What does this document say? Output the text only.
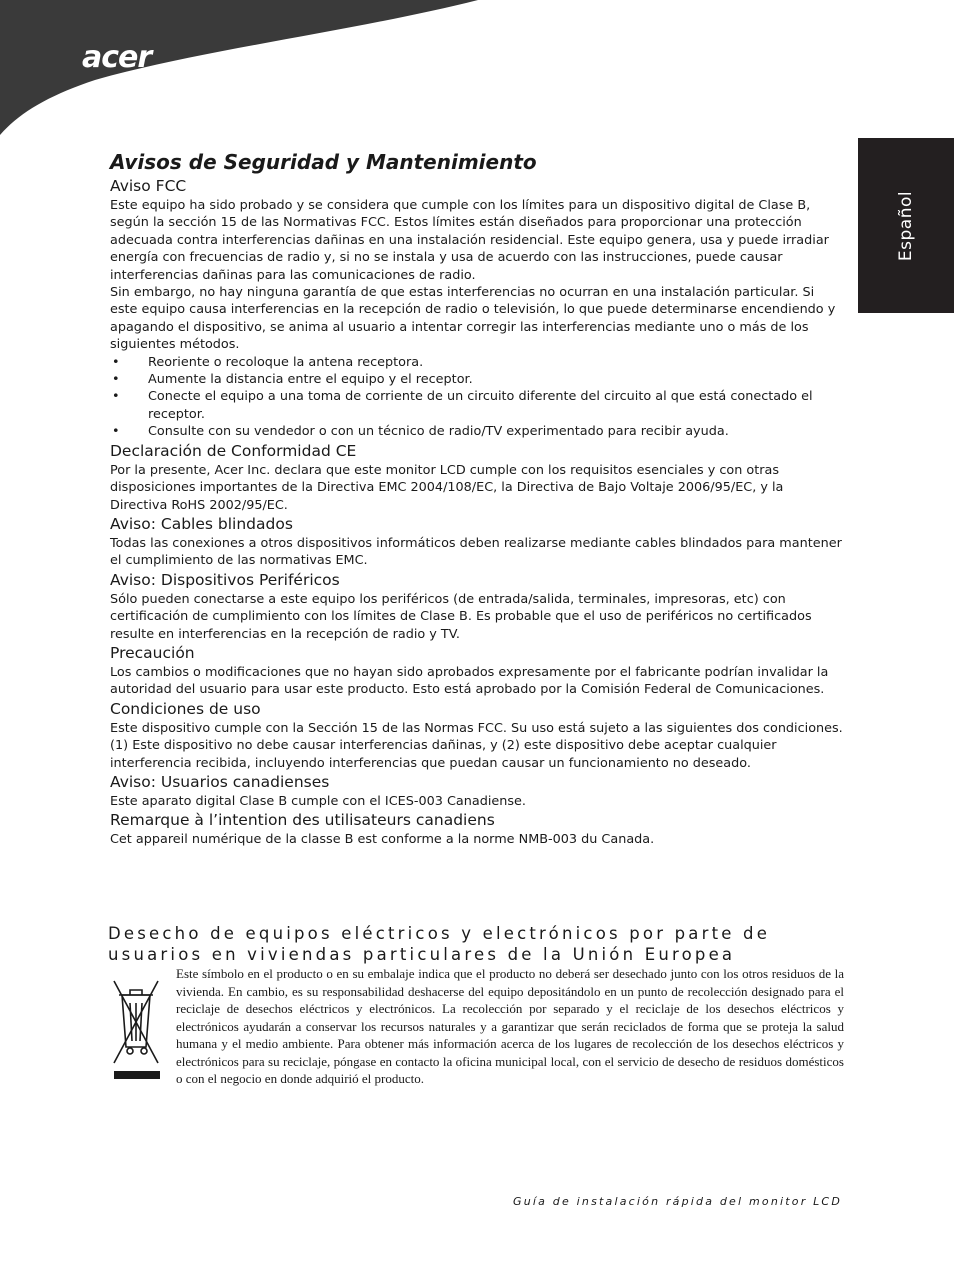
acer
Español
Avisos de Seguridad y Mantenimiento
Aviso FCC

Este equipo ha sido probado y se considera que cumple con los límites para un dispositivo digital de Clase B, según la sección 15 de las Normativas FCC. Estos límites están diseñados para proporcionar una protección adecuada contra interferencias dañinas en una instalación residencial. Este equipo genera, usa y puede irradiar energía con frecuencias de radio y, si no se instala y usa de acuerdo con las instrucciones, puede causar interferencias dañinas para las comunicaciones de radio.

Sin embargo, no hay ninguna garantía de que estas interferencias no ocurran en una instalación particular. Si este equipo causa interferencias en la recepción de radio o televisión, lo que puede determinarse encendiendo y apagando el dispositivo, se anima al usuario a intentar corregir las interferencias mediante uno o más de los siguientes métodos.

• Reoriente o recoloque la antena receptora.
• Aumente la distancia entre el equipo y el receptor.
• Conecte el equipo a una toma de corriente de un circuito diferente del circuito al que está conectado el receptor.
• Consulte con su vendedor o con un técnico de radio/TV experimentado para recibir ayuda.
Declaración de Conformidad CE

Por la presente, Acer Inc. declara que este monitor LCD cumple con los requisitos esenciales y con otras disposiciones importantes de la Directiva EMC 2004/108/EC, la Directiva de Bajo Voltaje 2006/95/EC, y la Directiva RoHS 2002/95/EC.

Aviso: Cables blindados

Todas las conexiones a otros dispositivos informáticos deben realizarse mediante cables blindados para mantener el cumplimiento de las normativas EMC.

Aviso: Dispositivos Periféricos

Sólo pueden conectarse a este equipo los periféricos (de entrada/salida, terminales, impresoras, etc) con certificación de cumplimiento con los límites de Clase B. Es probable que el uso de periféricos no certificados resulte en interferencias en la recepción de radio y TV.

Precaución

Los cambios o modificaciones que no hayan sido aprobados expresamente por el fabricante podrían invalidar la autoridad del usuario para usar este producto. Esto está aprobado por la Comisión Federal de Comunicaciones.

Condiciones de uso

Este dispositivo cumple con la Sección 15 de las Normas FCC. Su uso está sujeto a las siguientes dos condiciones. (1) Este dispositivo no debe causar interferencias dañinas, y (2) este dispositivo debe aceptar cualquier interferencia recibida, incluyendo interferencias que puedan causar un funcionamiento no deseado.

Aviso: Usuarios canadienses

Este aparato digital Clase B cumple con el ICES-003 Canadiense.

Remarque à l’intention des utilisateurs canadiens

Cet appareil numérique de la classe B est conforme a la norme NMB-003 du Canada.

Desecho de equipos eléctricos y electrónicos por parte de usuarios en viviendas particulares de la Unión Europea

Este símbolo en el producto o en su embalaje indica que el producto no deberá ser desechado junto con los otros residuos de la vivienda. En cambio, es su responsabilidad deshacerse del equipo depositándolo en un punto de recolección designado para el reciclaje de desechos eléctricos y electrónicos. La recolección por separado y el reciclaje de los desechos eléctricos y electrónicos ayudarán a conservar los recursos naturales y a garantizar que serán reciclados de forma que se proteja la salud humana y el medio ambiente. Para obtener más información acerca de los lugares de recolección de los desechos eléctricos y electrónicos para su reciclaje, póngase en contacto la oficina municipal local, con el servicio de desecho de residuos domésticos o con el negocio en donde adquirió el producto.

Guía de instalación rápida del monitor LCD
